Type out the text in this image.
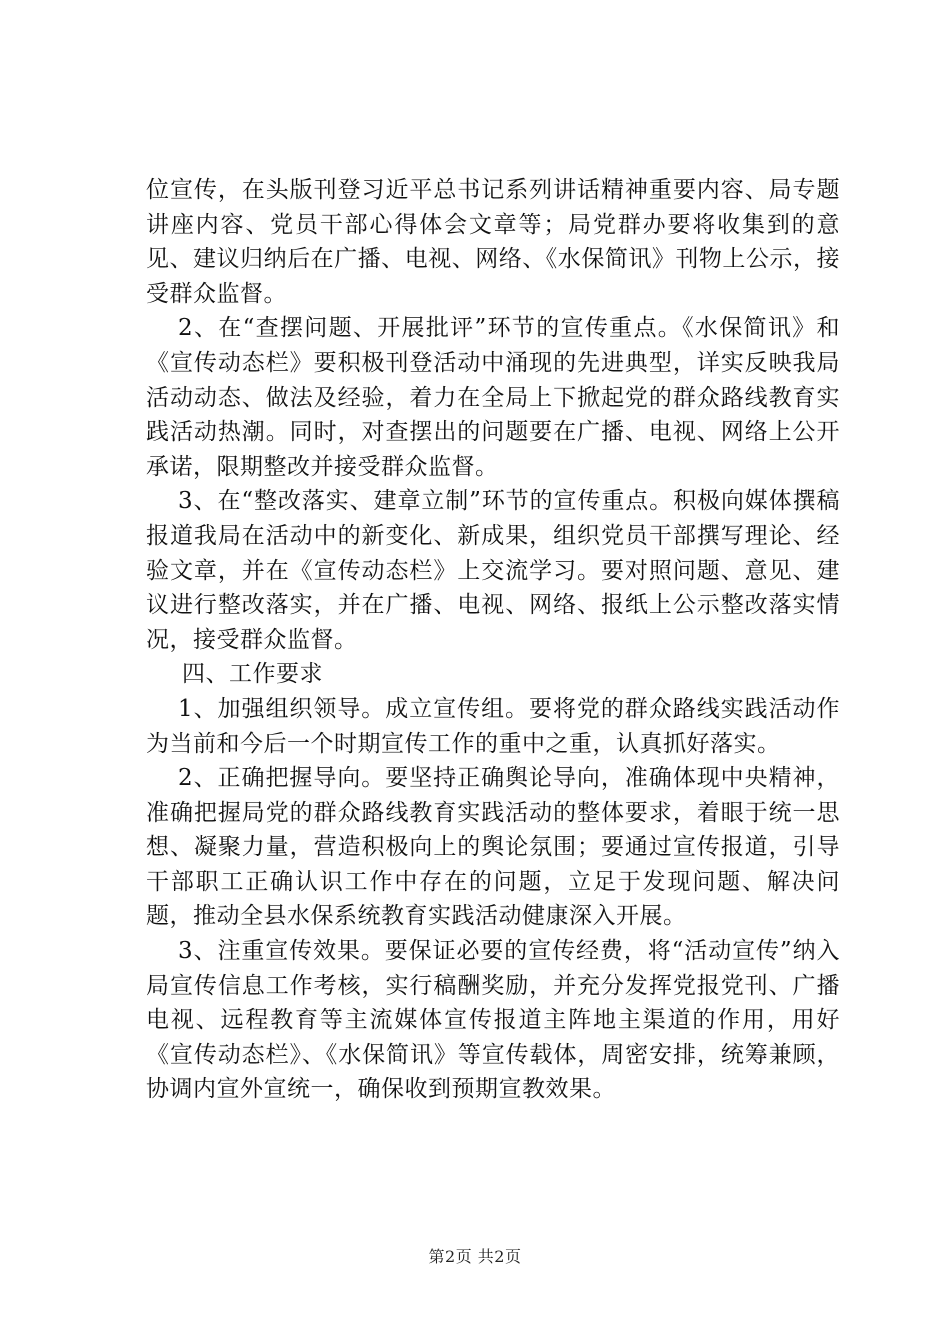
位宣传，在头版刊登习近平总书记系列讲话精神重要内容、局专题讲座内容、党员干部心得体会文章等；局党群办要将收集到的意见、建议归纳后在广播、电视、网络、《水保简讯》刊物上公示，接受群众监督。

2、在“查摆问题、开展批评”环节的宣传重点。《水保简讯》和《宣传动态栏》要积极刊登活动中涌现的先进典型，详实反映我局活动动态、做法及经验，着力在全局上下掀起党的群众路线教育实践活动热潮。同时，对查摆出的问题要在广播、电视、网络上公开承诺，限期整改并接受群众监督。

3、在“整改落实、建章立制”环节的宣传重点。积极向媒体撰稿报道我局在活动中的新变化、新成果，组织党员干部撰写理论、经验文章，并在《宣传动态栏》上交流学习。要对照问题、意见、建议进行整改落实，并在广播、电视、网络、报纸上公示整改落实情况，接受群众监督。

四、工作要求

1、加强组织领导。成立宣传组。要将党的群众路线实践活动作为当前和今后一个时期宣传工作的重中之重，认真抓好落实。

2、正确把握导向。要坚持正确舆论导向，准确体现中央精神，准确把握局党的群众路线教育实践活动的整体要求，着眼于统一思想、凝聚力量，营造积极向上的舆论氛围；要通过宣传报道，引导干部职工正确认识工作中存在的问题，立足于发现问题、解决问题，推动全县水保系统教育实践活动健康深入开展。

3、注重宣传效果。要保证必要的宣传经费，将“活动宣传”纳入局宣传信息工作考核，实行稿酬奖励，并充分发挥党报党刊、广播电视、远程教育等主流媒体宣传报道主阵地主渠道的作用，用好《宣传动态栏》、《水保简讯》等宣传载体，周密安排，统筹兼顾，协调内宣外宣统一，确保收到预期宣教效果。

第2页 共2页
